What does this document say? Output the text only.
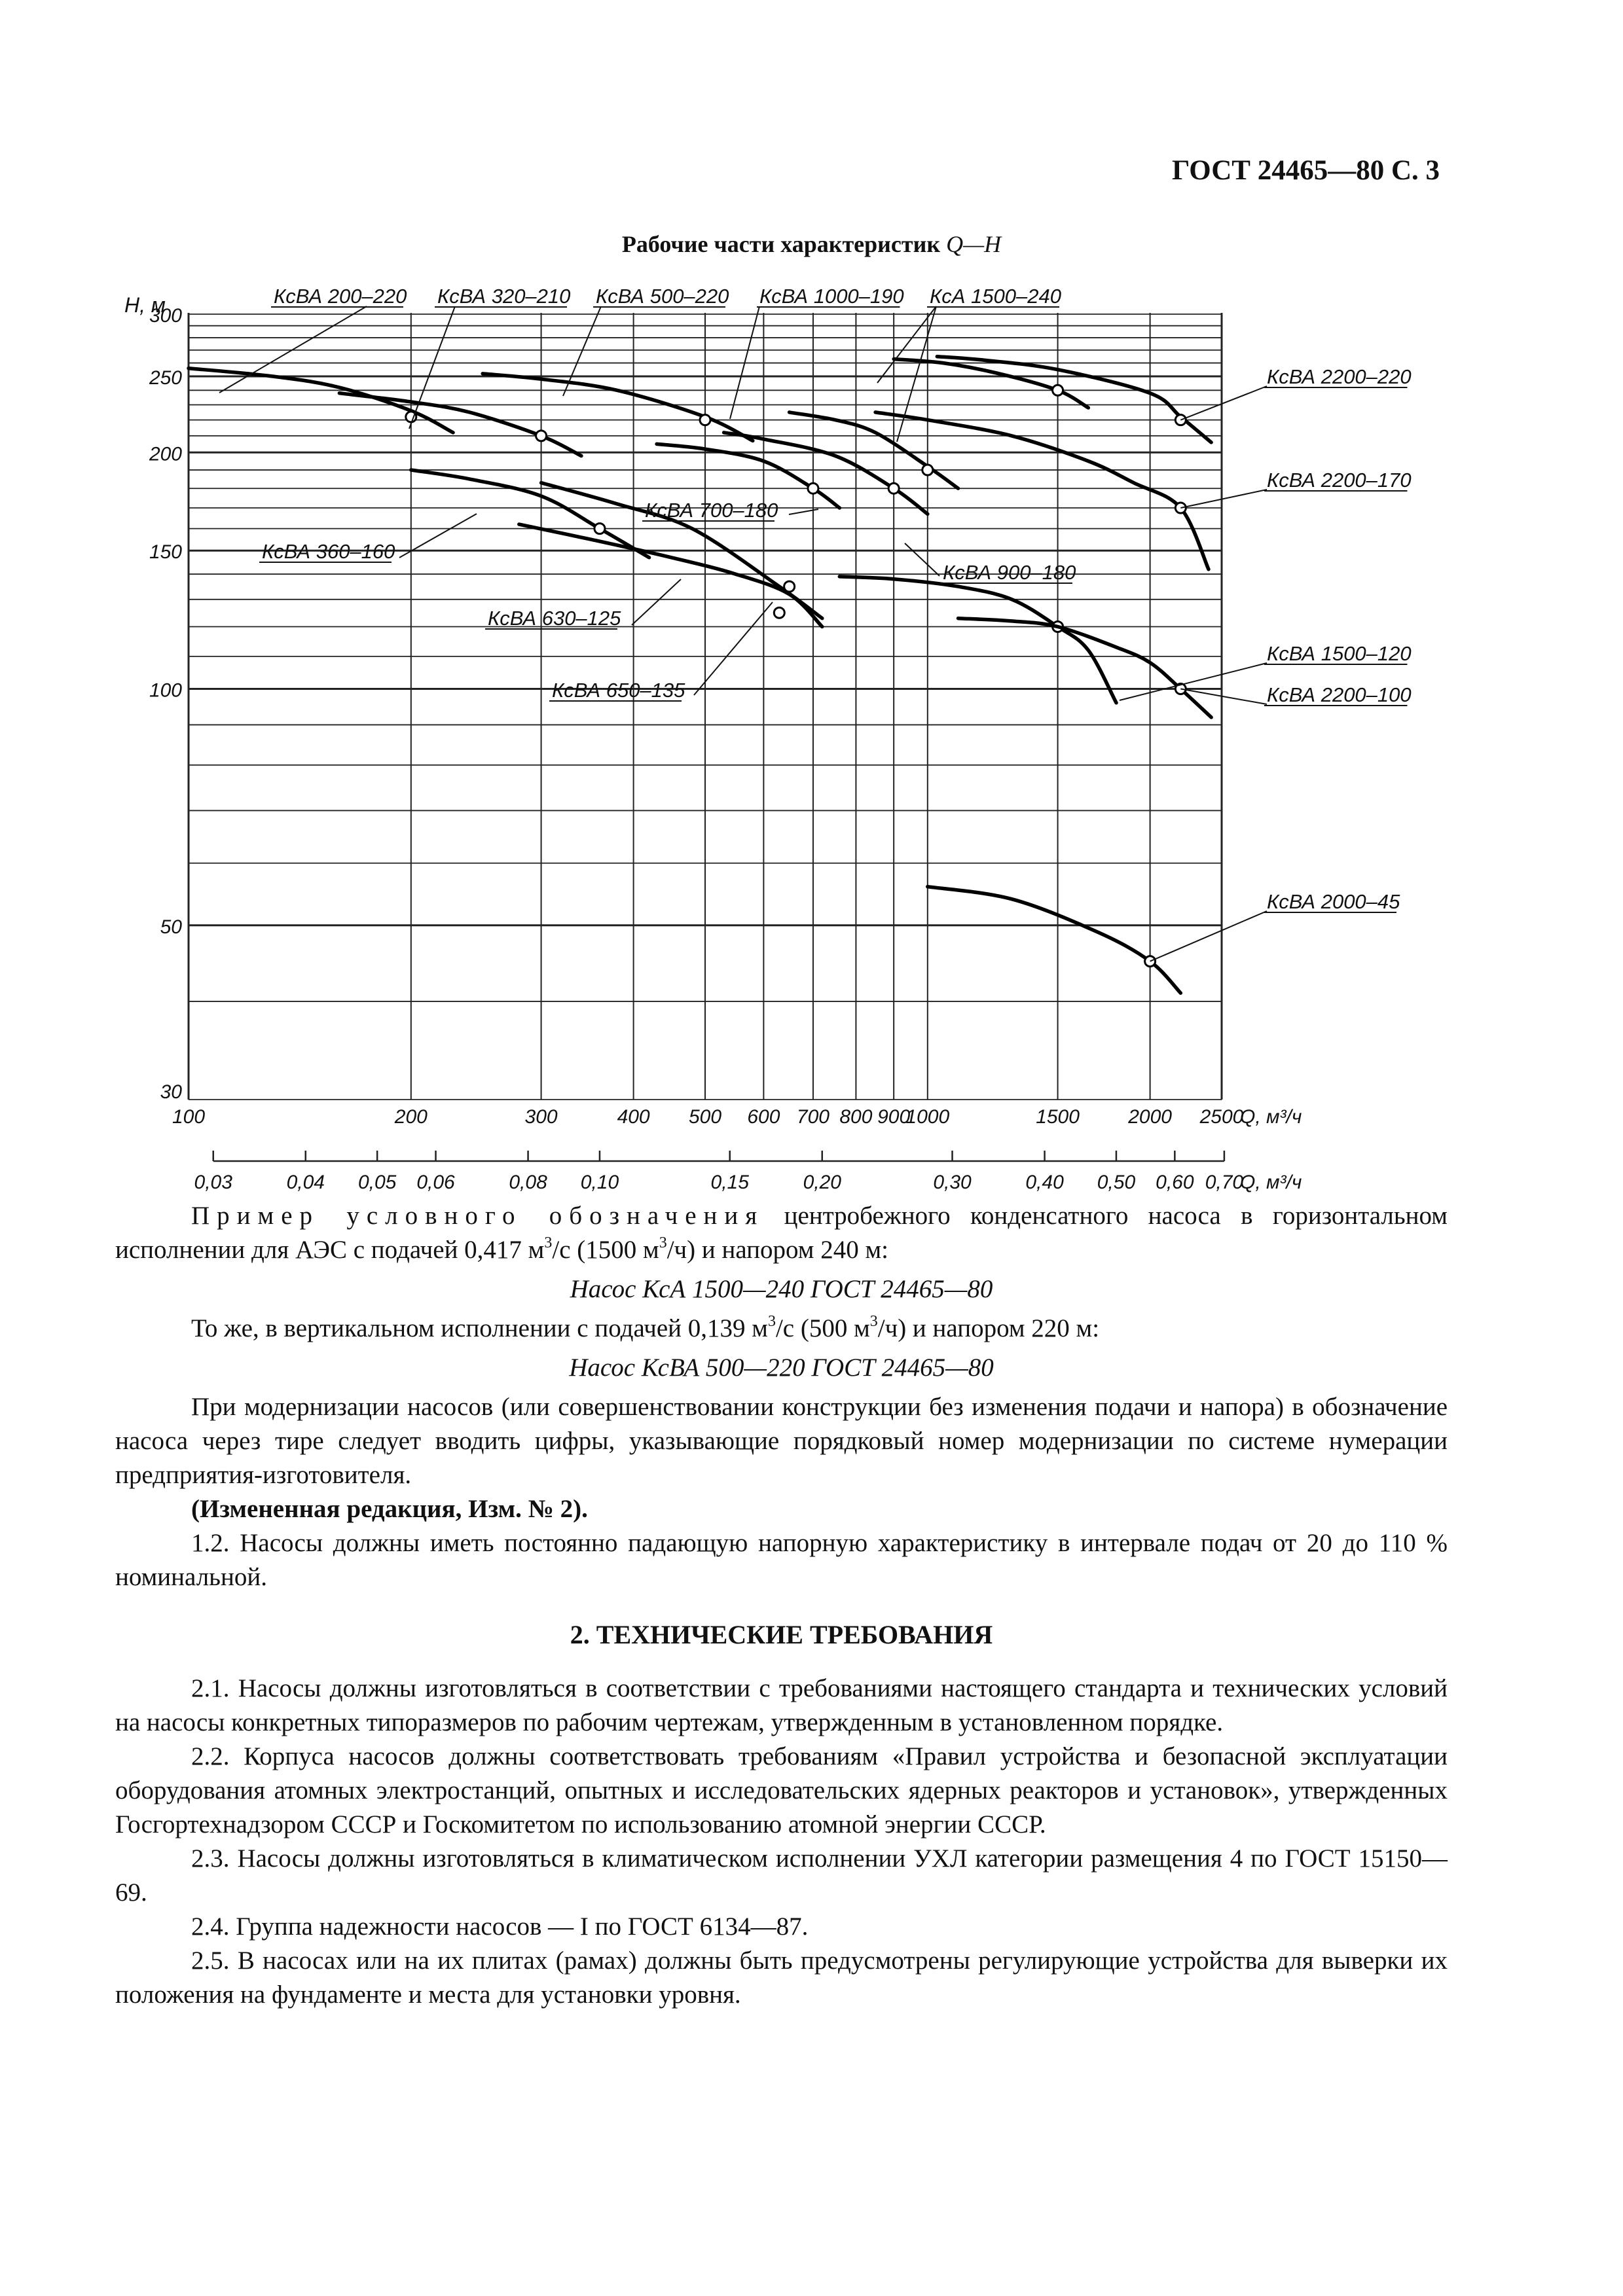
ГОСТ 24465—80 С. 3
Рабочие части характеристик Q—H
30
50
100
150
200
250
300
H, м
100	200	300	400 500 600 700 800 900
1000	1500 2000 2500
Q, м³/ч
0,03	0,04 0,05 0,06	0,08 0,10	0,15	0,20	0,30	0,40 0,50 0,60 0,70
Q, м³/ч
КсВА 200–220 КсВА 320–210 КсВА 500–220 КсВА 1000–190 КсА 1500–240
КсВА 2200–220
КсВА 2200–170
КсВА 360–160
КсВА 630–125
КсВА 650–135
КсВА 700–180
КсВА 900–180
КсВА 1500–120
КсВА 2200–100
КсВА 2000–45

Пример условного обозначения центробежного конденсатного насоса в горизонтальном исполнении для АЭС с подачей 0,417 $м^3/с$ (1500 $м^3/ч$) и напором 240 м:

Насос КсА 1500—240 ГОСТ 24465—80

То же, в вертикальном исполнении с подачей 0,139 $м^3/с$ (500 $м^3/ч$) и напором 220 м:

Насос КсВА 500—220 ГОСТ 24465—80

При модернизации насосов (или совершенствовании конструкции без изменения подачи и напора) в обозначение насоса через тире следует вводить цифры, указывающие порядковый номер модернизации по системе нумерации предприятия-изготовителя.

(Измененная редакция, Изм. № 2).

1.2. Насосы должны иметь постоянно падающую напорную характеристику в интервале подач от 20 до 110 % номинальной.

2. ТЕХНИЧЕСКИЕ ТРЕБОВАНИЯ

2.1. Насосы должны изготовляться в соответствии с требованиями настоящего стандарта и технических условий на насосы конкретных типоразмеров по рабочим чертежам, утвержденным в установленном порядке.

2.2. Корпуса насосов должны соответствовать требованиям «Правил устройства и безопасной эксплуатации оборудования атомных электростанций, опытных и исследовательских ядерных реакторов и установок», утвержденных Госгортехнадзором СССР и Госкомитетом по использованию атомной энергии СССР.

2.3. Насосы должны изготовляться в климатическом исполнении УХЛ категории размещения 4 по ГОСТ 15150—69.

2.4. Группа надежности насосов — I по ГОСТ 6134—87.

2.5. В насосах или на их плитах (рамах) должны быть предусмотрены регулирующие устройства для выверки их положения на фундаменте и места для установки уровня.
